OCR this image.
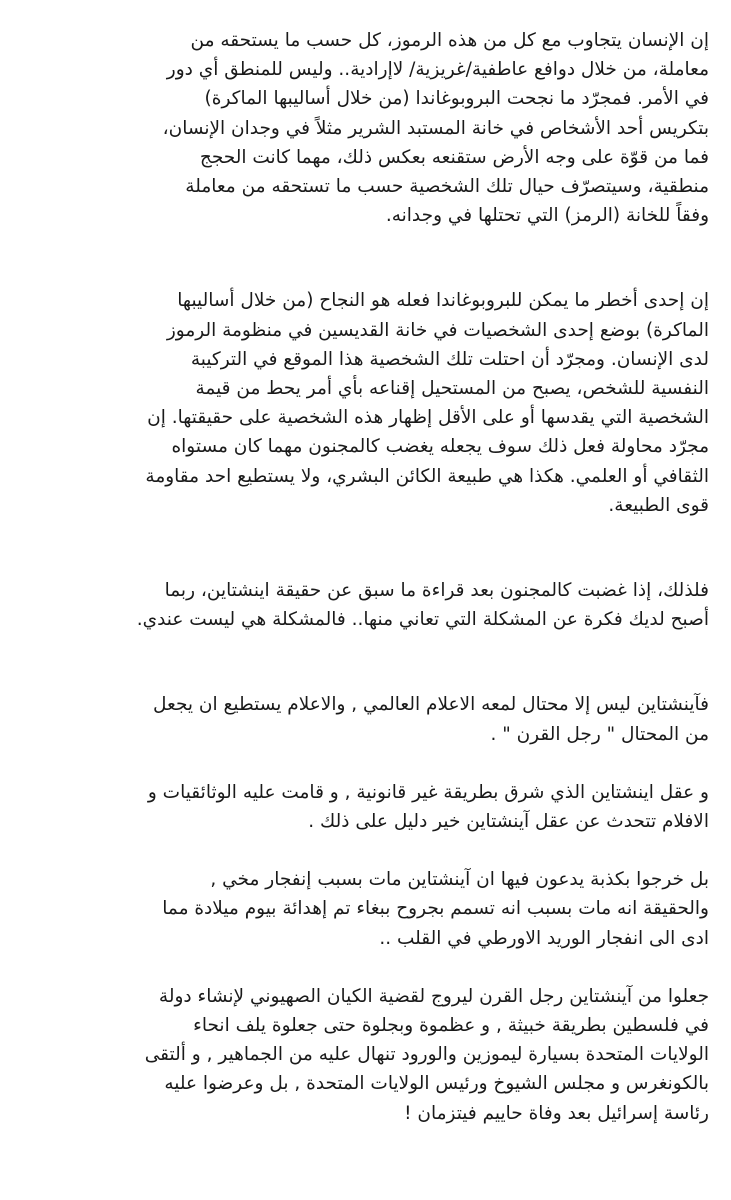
إن الإنسان يتجاوب مع كل من هذه الرموز، كل حسب ما يستحقه من
معاملة، من خلال دوافع عاطفية/غريزية/ لاإرادية.. وليس للمنطق أي دور
في الأمر. فمجرّد ما نجحت البروبوغاندا (من خلال أساليبها الماكرة)
بتكريس أحد الأشخاص في خانة المستبد الشرير مثلاً في وجدان الإنسان،
فما من قوّة على وجه الأرض ستقنعه بعكس ذلك، مهما كانت الحجج
منطقية، وسيتصرّف حيال تلك الشخصية حسب ما تستحقه من معاملة
وفقاً للخانة (الرمز) التي تحتلها في وجدانه.

إن إحدى أخطر ما يمكن للبروبوغاندا فعله هو النجاح (من خلال أساليبها
الماكرة) بوضع إحدى الشخصيات في خانة القديسين في منظومة الرموز
لدى الإنسان. ومجرّد أن احتلت تلك الشخصية هذا الموقع في التركيبة
النفسية للشخص، يصبح من المستحيل إقناعه بأي أمر يحط من قيمة
الشخصية التي يقدسها أو على الأقل إظهار هذه الشخصية على حقيقتها. إن
مجرّد محاولة فعل ذلك سوف يجعله يغضب كالمجنون مهما كان مستواه
الثقافي أو العلمي. هكذا هي طبيعة الكائن البشري، ولا يستطيع احد مقاومة
قوى الطبيعة.

فلذلك، إذا غضبت كالمجنون بعد قراءة ما سبق عن حقيقة اينشتاين، ربما
أصبح لديك فكرة عن المشكلة التي تعاني منها.. فالمشكلة هي ليست عندي.

فآينشتاين ليس إلا محتال لمعه الاعلام العالمي , والاعلام يستطيع ان يجعل
من المحتال " رجل القرن " .

و عقل اينشتاين الذي شرق بطريقة غير قانونية , و قامت عليه الوثائقيات و
الافلام تتحدث عن عقل آينشتاين خير دليل على ذلك .

بل خرجوا بكذبة يدعون فيها ان آينشتاين مات بسبب إنفجار مخي ,
والحقيقة انه مات بسبب انه تسمم بجروح ببغاء تم إهدائة بيوم ميلادة مما
ادى الى انفجار الوريد الاورطي في القلب ..

جعلوا من آينشتاين رجل القرن ليروج لقضية الكيان الصهيوني لإنشاء دولة
في فلسطين بطريقة خبيثة , و عظموة وبجلوة حتى جعلوة يلف انحاء
الولايات المتحدة بسيارة ليموزين والورود تنهال عليه من الجماهير , و ألتقى
بالكونغرس و مجلس الشيوخ ورئيس الولايات المتحدة , بل وعرضوا عليه
رئاسة إسرائيل بعد وفاة حاييم فيتزمان !
